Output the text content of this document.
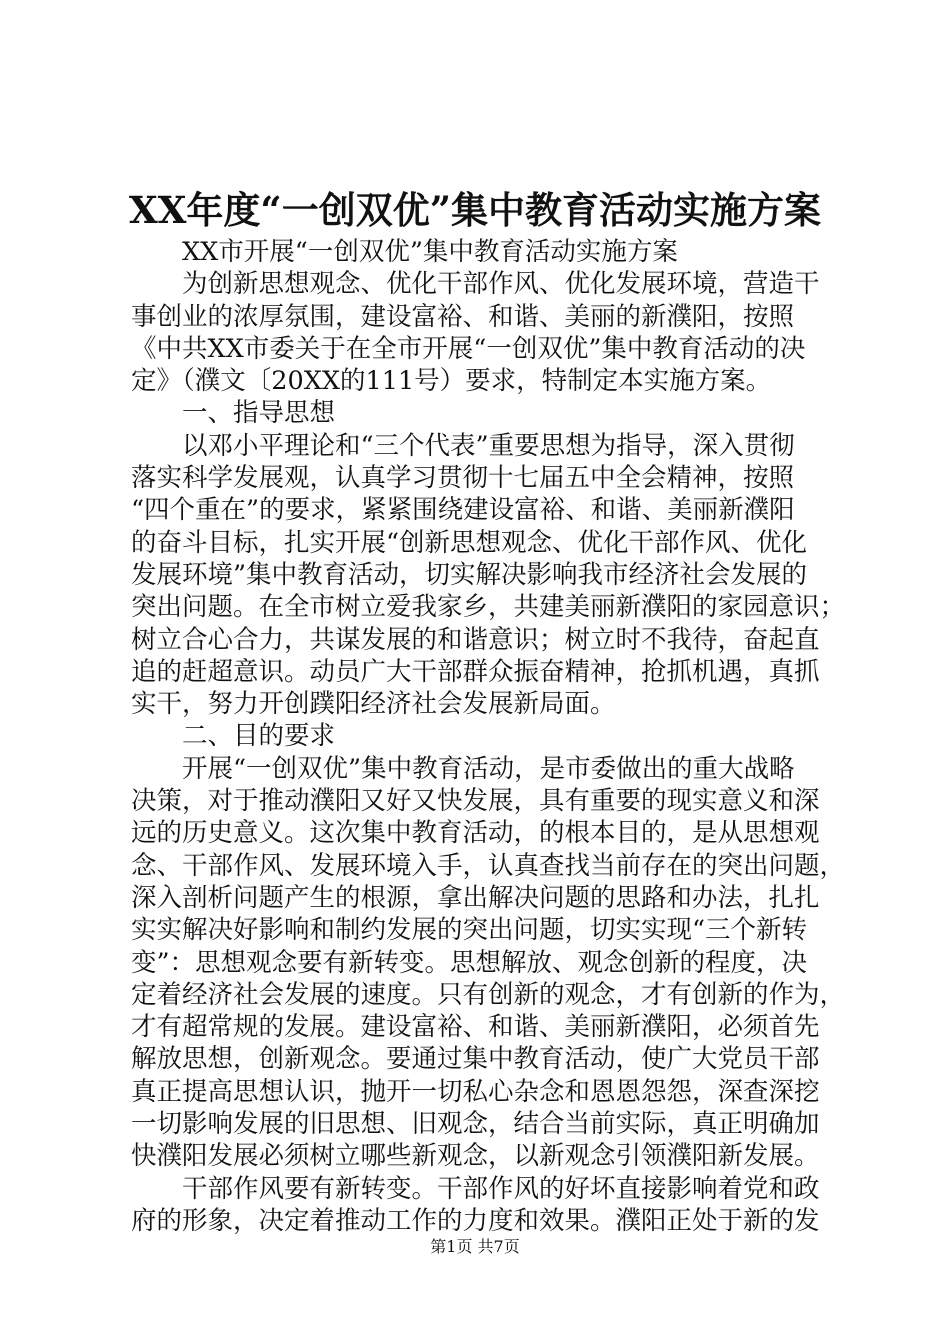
XX年度“一创双优”集中教育活动实施方案
　　XX市开展“一创双优”集中教育活动实施方案
　　为创新思想观念、优化干部作风、优化发展环境，营造干
事创业的浓厚氛围，建设富裕、和谐、美丽的新濮阳，按照
《中共XX市委关于在全市开展“一创双优”集中教育活动的决
定》（濮文〔20XX的111号）要求，特制定本实施方案。
　　一、指导思想
　　以邓小平理论和“三个代表”重要思想为指导，深入贯彻
落实科学发展观，认真学习贯彻十七届五中全会精神，按照
“四个重在”的要求，紧紧围绕建设富裕、和谐、美丽新濮阳
的奋斗目标，扎实开展“创新思想观念、优化干部作风、优化
发展环境”集中教育活动，切实解决影响我市经济社会发展的
突出问题。在全市树立爱我家乡，共建美丽新濮阳的家园意识；
树立合心合力，共谋发展的和谐意识；树立时不我待，奋起直
追的赶超意识。动员广大干部群众振奋精神，抢抓机遇，真抓
实干，努力开创蹼阳经济社会发展新局面。
　　二、目的要求
　　开展“一创双优”集中教育活动，是市委做出的重大战略
决策，对于推动濮阳又好又快发展，具有重要的现实意义和深
远的历史意义。这次集中教育活动，的根本目的，是从思想观
念、干部作风、发展环境入手，认真查找当前存在的突出问题，
深入剖析问题产生的根源，拿出解决问题的思路和办法，扎扎
实实解决好影响和制约发展的突出问题，切实实现“三个新转
变”：思想观念要有新转变。思想解放、观念创新的程度，决
定着经济社会发展的速度。只有创新的观念，才有创新的作为，
才有超常规的发展。建设富裕、和谐、美丽新濮阳，必须首先
解放思想，创新观念。要通过集中教育活动，使广大党员干部
真正提高思想认识，抛开一切私心杂念和恩恩怨怨，深查深挖
一切影响发展的旧思想、旧观念，结合当前实际，真正明确加
快濮阳发展必须树立哪些新观念，以新观念引领濮阳新发展。
　　干部作风要有新转变。干部作风的好坏直接影响着党和政
府的形象，决定着推动工作的力度和效果。濮阳正处于新的发
第1页 共7页
